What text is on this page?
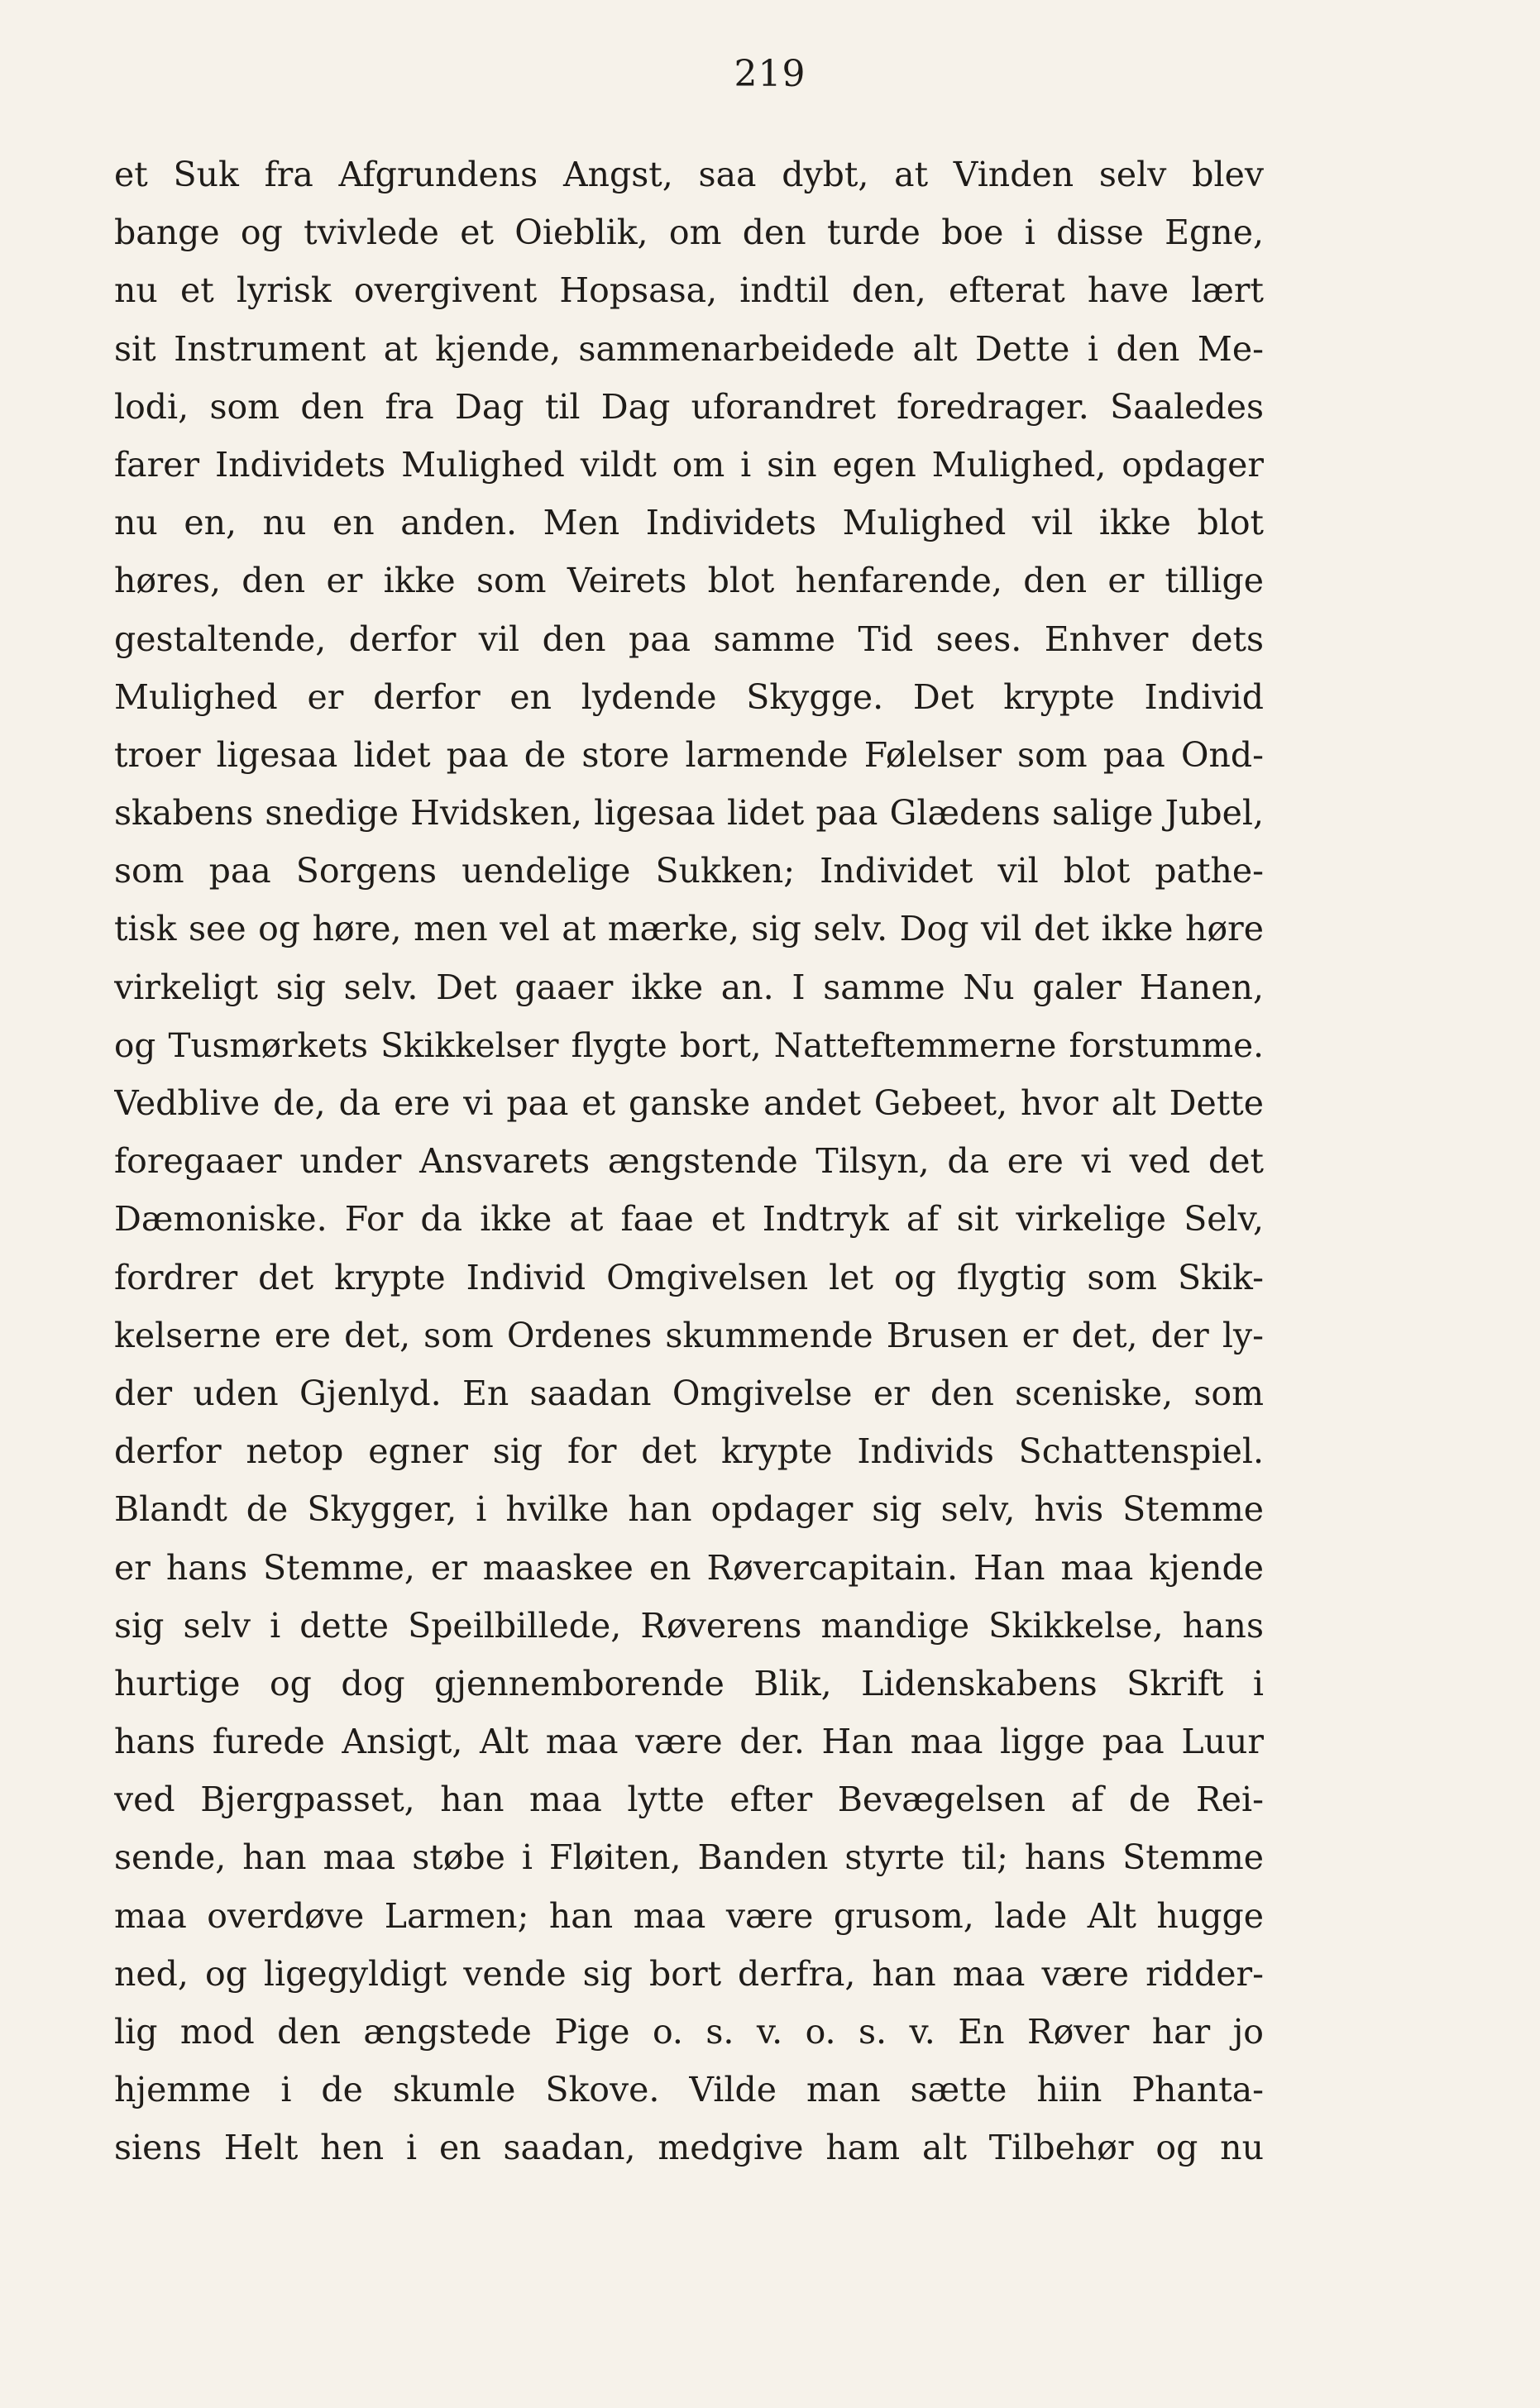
219
et Suk fra Afgrundens Angst, saa dybt, at Vinden selv blev
bange og tvivlede et Oieblik, om den turde boe i disse Egne,
nu et lyrisk overgivent Hopsasa, indtil den, efterat have lært
sit Instrument at kjende, sammenarbeidede alt Dette i den Me-
lodi, som den fra Dag til Dag uforandret foredrager. Saaledes
farer Individets Mulighed vildt om i sin egen Mulighed, opdager
nu en, nu en anden. Men Individets Mulighed vil ikke blot
høres, den er ikke som Veirets blot henfarende, den er tillige
gestaltende, derfor vil den paa samme Tid sees. Enhver dets
Mulighed er derfor en lydende Skygge. Det krypte Individ
troer ligesaa lidet paa de store larmende Følelser som paa Ond-
skabens snedige Hvidsken, ligesaa lidet paa Glædens salige Jubel,
som paa Sorgens uendelige Sukken; Individet vil blot pathe-
tisk see og høre, men vel at mærke, sig selv. Dog vil det ikke høre
virkeligt sig selv. Det gaaer ikke an. I samme Nu galer Hanen,
og Tusmørkets Skikkelser flygte bort, Natteftemmerne forstumme.
Vedblive de, da ere vi paa et ganske andet Gebeet, hvor alt Dette
foregaaer under Ansvarets ængstende Tilsyn, da ere vi ved det
Dæmoniske. For da ikke at faae et Indtryk af sit virkelige Selv,
fordrer det krypte Individ Omgivelsen let og flygtig som Skik-
kelserne ere det, som Ordenes skummende Brusen er det, der ly-
der uden Gjenlyd. En saadan Omgivelse er den sceniske, som
derfor netop egner sig for det krypte Individs Schattenspiel.
Blandt de Skygger, i hvilke han opdager sig selv, hvis Stemme
er hans Stemme, er maaskee en Røvercapitain. Han maa kjende
sig selv i dette Speilbillede, Røverens mandige Skikkelse, hans
hurtige og dog gjennemborende Blik, Lidenskabens Skrift i
hans furede Ansigt, Alt maa være der. Han maa ligge paa Luur
ved Bjergpasset, han maa lytte efter Bevægelsen af de Rei-
sende, han maa støbe i Fløiten, Banden styrte til; hans Stemme
maa overdøve Larmen; han maa være grusom, lade Alt hugge
ned, og ligegyldigt vende sig bort derfra, han maa være ridder-
lig mod den ængstede Pige o. s. v. o. s. v. En Røver har jo
hjemme i de skumle Skove. Vilde man sætte hiin Phanta-
siens Helt hen i en saadan, medgive ham alt Tilbehør og nu
